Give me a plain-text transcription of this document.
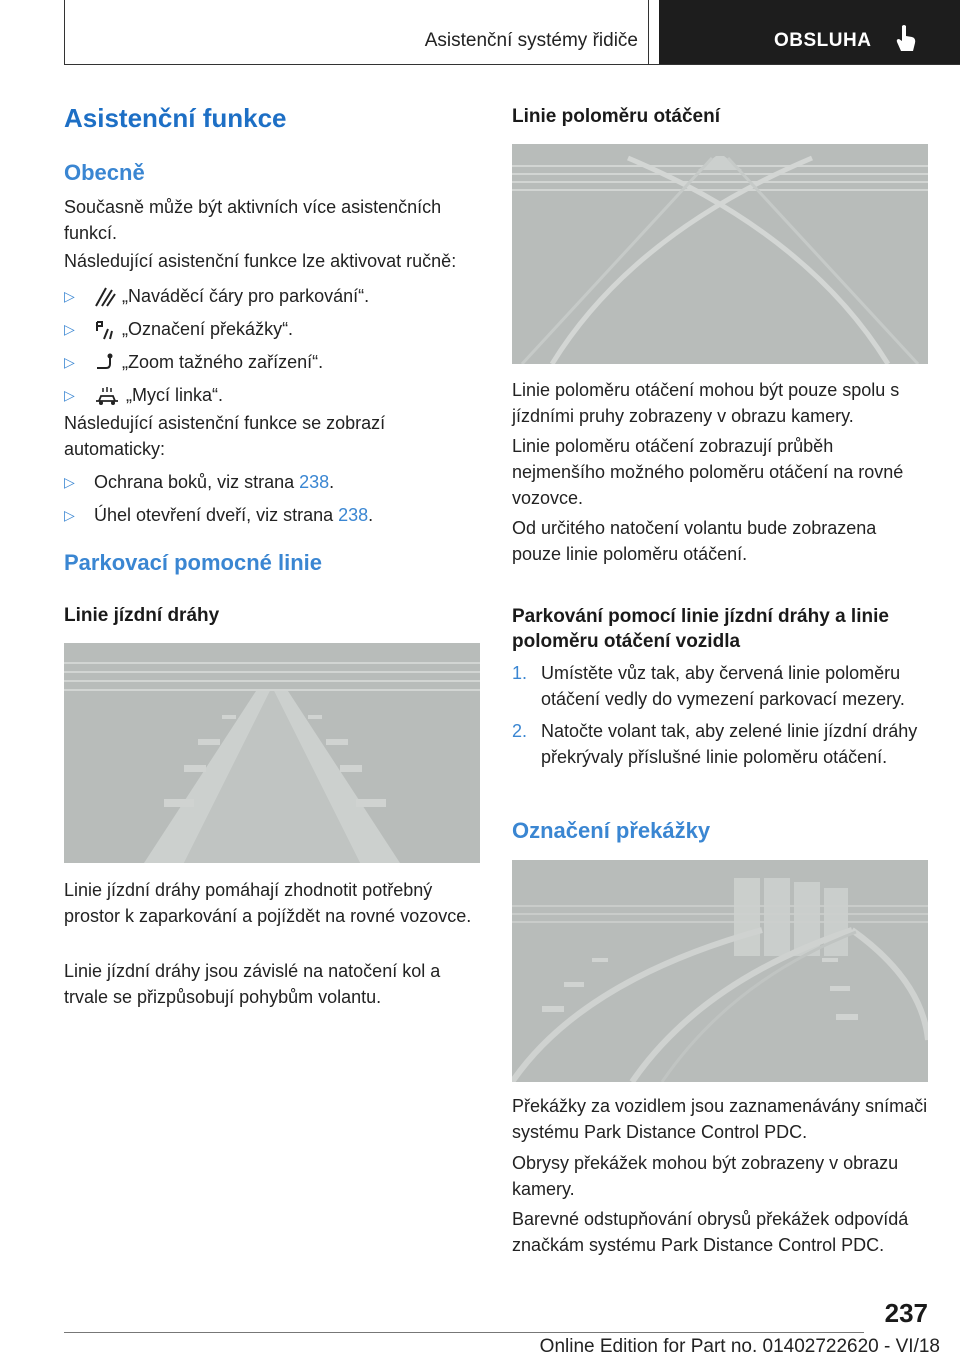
Asistenční systémy řidiče	OBSLUHA
Asistenční funkce
Obecně
Současně může být aktivních více asistenčních funkcí.
Následující asistenční funkce lze aktivovat ručně:
▷	„Naváděcí čáry pro parkování“.
▷	„Označení překážky“.
▷	„Zoom tažného zařízení“.
▷	„Mycí linka“.
Následující asistenční funkce se zobrazí automaticky:
▷ Ochrana boků, viz strana 238.
▷ Úhel otevření dveří, viz strana 238.
Parkovací pomocné linie
Linie jízdní dráhy
Linie jízdní dráhy pomáhají zhodnotit potřebný prostor k zaparkování a pojíždět na rovné vozovce.
Linie jízdní dráhy jsou závislé na natočení kol a trvale se přizpůsobují pohybům volantu.
Linie poloměru otáčení
Linie poloměru otáčení mohou být pouze spolu s jízdními pruhy zobrazeny v obrazu kamery.
Linie poloměru otáčení zobrazují průběh nejmenšího možného poloměru otáčení na rovné vozovce.
Od určitého natočení volantu bude zobrazena pouze linie poloměru otáčení.
Parkování pomocí linie jízdní dráhy a linie poloměru otáčení vozidla
1. Umístěte vůz tak, aby červená linie poloměru otáčení vedly do vymezení parkovací mezery.
2. Natočte volant tak, aby zelené linie jízdní dráhy překrývaly příslušné linie poloměru otáčení.
Označení překážky
Překážky za vozidlem jsou zaznamenávány snímači systému Park Distance Control PDC.
Obrysy překážek mohou být zobrazeny v obrazu kamery.
Barevné odstupňování obrysů překážek odpovídá značkám systému Park Distance Control PDC.
237
Online Edition for Part no. 01402722620 - VI/18
